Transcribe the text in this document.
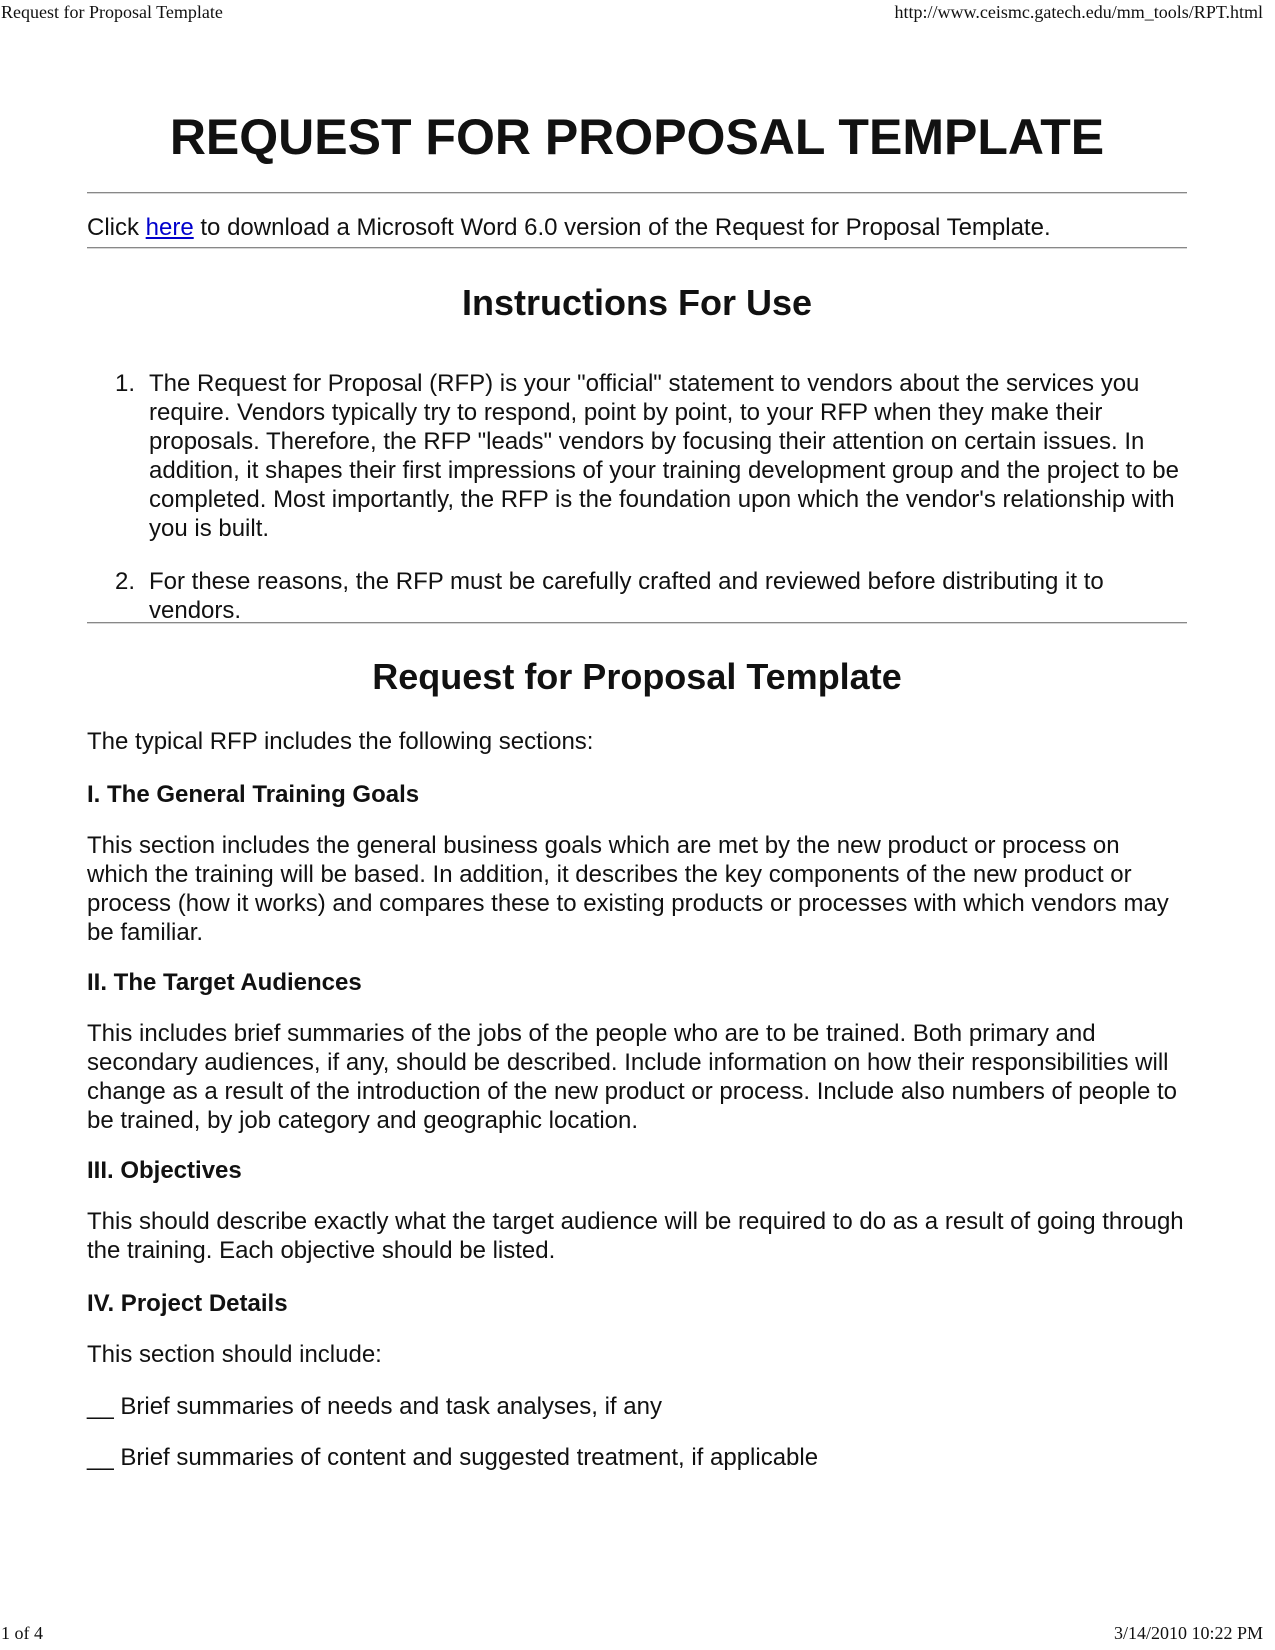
Request for Proposal Template	http://www.ceismc.gatech.edu/mm_tools/RPT.html
REQUEST FOR PROPOSAL TEMPLATE

Click here to download a Microsoft Word 6.0 version of the Request for Proposal Template.

Instructions For Use
1. The Request for Proposal (RFP) is your "official" statement to vendors about the services you require. Vendors typically try to respond, point by point, to your RFP when they make their proposals. Therefore, the RFP "leads" vendors by focusing their attention on certain issues. In addition, it shapes their first impressions of your training development group and the project to be completed. Most importantly, the RFP is the foundation upon which the vendor's relationship with you is built.
2. For these reasons, the RFP must be carefully crafted and reviewed before distributing it to vendors.
Request for Proposal Template

The typical RFP includes the following sections:

I. The General Training Goals

This section includes the general business goals which are met by the new product or process on which the training will be based. In addition, it describes the key components of the new product or process (how it works) and compares these to existing products or processes with which vendors may be familiar.

II. The Target Audiences

This includes brief summaries of the jobs of the people who are to be trained. Both primary and secondary audiences, if any, should be described. Include information on how their responsibilities will change as a result of the introduction of the new product or process. Include also numbers of people to be trained, by job category and geographic location.

III. Objectives

This should describe exactly what the target audience will be required to do as a result of going through the training. Each objective should be listed.

IV. Project Details

This section should include:

__ Brief summaries of needs and task analyses, if any

__ Brief summaries of content and suggested treatment, if applicable

1 of 4	3/14/2010 10:22 PM
